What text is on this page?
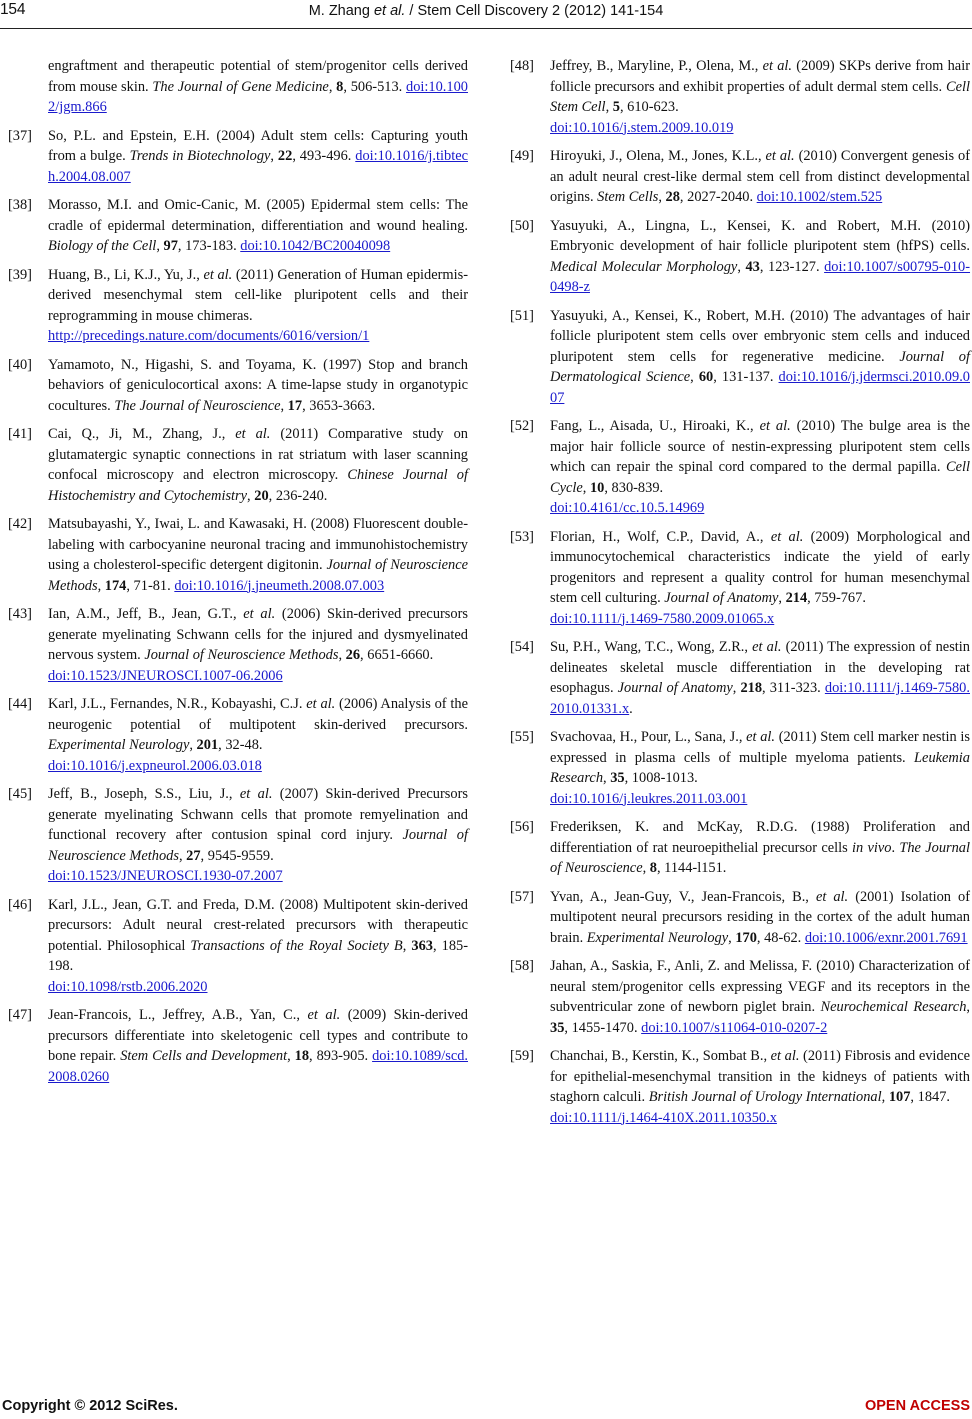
154	M. Zhang et al. / Stem Cell Discovery 2 (2012) 141-154
engraftment and therapeutic potential of stem/progenitor cells derived from mouse skin. The Journal of Gene Medicine, 8, 506-513. doi:10.1002/jgm.866
[37] So, P.L. and Epstein, E.H. (2004) Adult stem cells: Capturing youth from a bulge. Trends in Biotechnology, 22, 493-496. doi:10.1016/j.tibtech.2004.08.007
[38] Morasso, M.I. and Omic-Canic, M. (2005) Epidermal stem cells: The cradle of epidermal determination, differentiation and wound healing. Biology of the Cell, 97, 173-183. doi:10.1042/BC20040098
[39] Huang, B., Li, K.J., Yu, J., et al. (2011) Generation of Human epidermis-derived mesenchymal stem cell-like pluripotent cells and their reprogramming in mouse chimeras.
http://precedings.nature.com/documents/6016/version/1
[40] Yamamoto, N., Higashi, S. and Toyama, K. (1997) Stop and branch behaviors of geniculocortical axons: A time-lapse study in organotypic cocultures. The Journal of Neuroscience, 17, 3653-3663.
[41] Cai, Q., Ji, M., Zhang, J., et al. (2011) Comparative study on glutamatergic synaptic connections in rat striatum with laser scanning confocal microscopy and electron microscopy. Chinese Journal of Histochemistry and Cytochemistry, 20, 236-240.
[42] Matsubayashi, Y., Iwai, L. and Kawasaki, H. (2008) Fluorescent double-labeling with carbocyanine neuronal tracing and immunohistochemistry using a cholesterol-specific detergent digitonin. Journal of Neuroscience Methods, 174, 71-81. doi:10.1016/j.jneumeth.2008.07.003
[43] Ian, A.M., Jeff, B., Jean, G.T., et al. (2006) Skin-derived precursors generate myelinating Schwann cells for the injured and dysmyelinated nervous system. Journal of Neuroscience Methods, 26, 6651-6660.
doi:10.1523/JNEUROSCI.1007-06.2006
[44] Karl, J.L., Fernandes, N.R., Kobayashi, C.J. et al. (2006) Analysis of the neurogenic potential of multipotent skin-derived precursors. Experimental Neurology, 201, 32-48.
doi:10.1016/j.expneurol.2006.03.018
[45] Jeff, B., Joseph, S.S., Liu, J., et al. (2007) Skin-derived Precursors generate myelinating Schwann cells that promote remyelination and functional recovery after contusion spinal cord injury. Journal of Neuroscience Methods, 27, 9545-9559.
doi:10.1523/JNEUROSCI.1930-07.2007
[46] Karl, J.L., Jean, G.T. and Freda, D.M. (2008) Multipotent skin-derived precursors: Adult neural crest-related precursors with therapeutic potential. Philosophical Transactions of the Royal Society B, 363, 185-198.
doi:10.1098/rstb.2006.2020
[47] Jean-Francois, L., Jeffrey, A.B., Yan, C., et al. (2009) Skin-derived precursors differentiate into skeletogenic cell types and contribute to bone repair. Stem Cells and Development, 18, 893-905. doi:10.1089/scd.2008.0260
[48] Jeffrey, B., Maryline, P., Olena, M., et al. (2009) SKPs derive from hair follicle precursors and exhibit properties of adult dermal stem cells. Cell Stem Cell, 5, 610-623.
doi:10.1016/j.stem.2009.10.019
[49] Hiroyuki, J., Olena, M., Jones, K.L., et al. (2010) Convergent genesis of an adult neural crest-like dermal stem cell from distinct developmental origins. Stem Cells, 28, 2027-2040. doi:10.1002/stem.525
[50] Yasuyuki, A., Lingna, L., Kensei, K. and Robert, M.H. (2010) Embryonic development of hair follicle pluripotent stem (hfPS) cells. Medical Molecular Morphology, 43, 123-127. doi:10.1007/s00795-010-0498-z
[51] Yasuyuki, A., Kensei, K., Robert, M.H. (2010) The advantages of hair follicle pluripotent stem cells over embryonic stem cells and induced pluripotent stem cells for regenerative medicine. Journal of Dermatological Science, 60, 131-137. doi:10.1016/j.jdermsci.2010.09.007
[52] Fang, L., Aisada, U., Hiroaki, K., et al. (2010) The bulge area is the major hair follicle source of nestin-expressing pluripotent stem cells which can repair the spinal cord compared to the dermal papilla. Cell Cycle, 10, 830-839.
doi:10.4161/cc.10.5.14969
[53] Florian, H., Wolf, C.P., David, A., et al. (2009) Morphological and immunocytochemical characteristics indicate the yield of early progenitors and represent a quality control for human mesenchymal stem cell culturing. Journal of Anatomy, 214, 759-767.
doi:10.1111/j.1469-7580.2009.01065.x
[54] Su, P.H., Wang, T.C., Wong, Z.R., et al. (2011) The expression of nestin delineates skeletal muscle differentiation in the developing rat esophagus. Journal of Anatomy, 218, 311-323. doi:10.1111/j.1469-7580.2010.01331.x.
[55] Svachovaa, H., Pour, L., Sana, J., et al. (2011) Stem cell marker nestin is expressed in plasma cells of multiple myeloma patients. Leukemia Research, 35, 1008-1013.
doi:10.1016/j.leukres.2011.03.001
[56] Frederiksen, K. and McKay, R.D.G. (1988) Proliferation and differentiation of rat neuroepithelial precursor cells in vivo. The Journal of Neuroscience, 8, 1144-l151.
[57] Yvan, A., Jean-Guy, V., Jean-Francois, B., et al. (2001) Isolation of multipotent neural precursors residing in the cortex of the adult human brain. Experimental Neurology, 170, 48-62. doi:10.1006/exnr.2001.7691
[58] Jahan, A., Saskia, F., Anli, Z. and Melissa, F. (2010) Characterization of neural stem/progenitor cells expressing VEGF and its receptors in the subventricular zone of newborn piglet brain. Neurochemical Research, 35, 1455-1470. doi:10.1007/s11064-010-0207-2
[59] Chanchai, B., Kerstin, K., Sombat B., et al. (2011) Fibrosis and evidence for epithelial-mesenchymal transition in the kidneys of patients with staghorn calculi. British Journal of Urology International, 107, 1847.
doi:10.1111/j.1464-410X.2011.10350.x
Copyright © 2012 SciRes.	OPEN ACCESS
